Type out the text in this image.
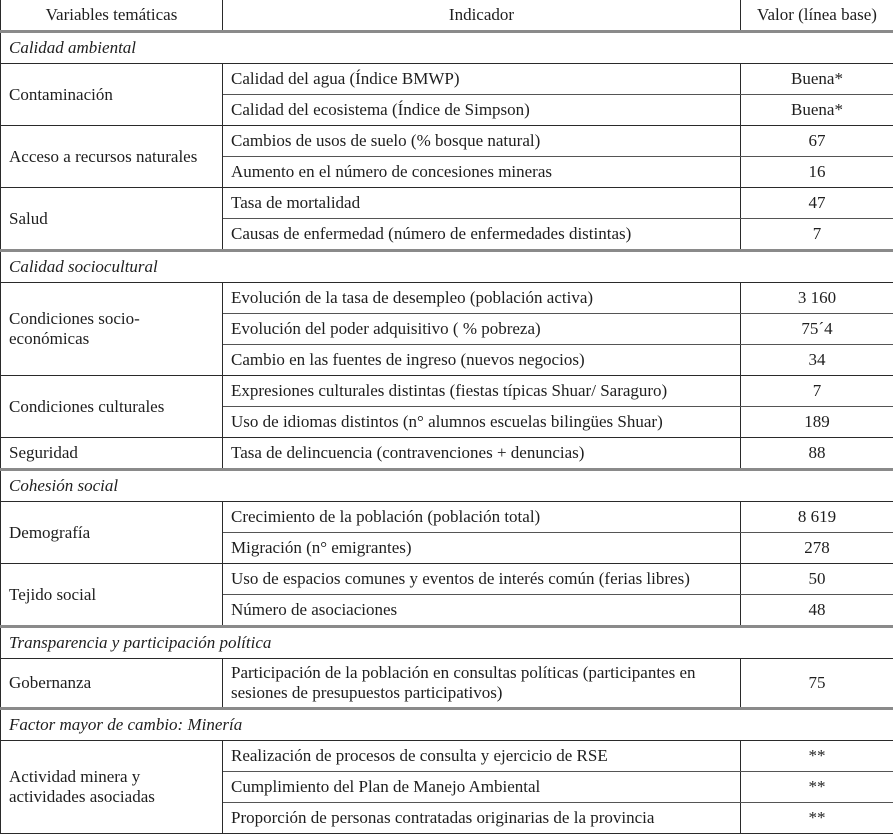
Variables temáticas	Indicador	Valor (línea base)
Calidad ambiental		
Contaminación	Calidad del agua (Índice BMWP)	Buena*
	Calidad del ecosistema (Índice de Simpson)	Buena*
Acceso a recursos naturales	Cambios de usos de suelo (% bosque natural)	67
	Aumento en el número de concesiones mineras	16
Salud	Tasa de mortalidad	47
	Causas de enfermedad (número de enfermedades distintas)	7
Calidad sociocultural		
Condiciones socio-económicas	Evolución de la tasa de desempleo (población activa)	3 160
	Evolución del poder adquisitivo ( % pobreza)	75´4
	Cambio en las fuentes de ingreso (nuevos negocios)	34
Condiciones culturales	Expresiones culturales distintas (fiestas típicas Shuar/ Saraguro)	7
	Uso de idiomas distintos (n° alumnos escuelas bilingües Shuar)	189
Seguridad	Tasa de delincuencia (contravenciones + denuncias)	88
Cohesión social		
Demografía	Crecimiento de la población (población total)	8 619
	Migración (n° emigrantes)	278
Tejido social	Uso de espacios comunes y eventos de interés común (ferias libres)	50
	Número de asociaciones	48
Transparencia y participación política		
Gobernanza	Participación de la población en consultas políticas (participantes en sesiones de presupuestos participativos)	75
Factor mayor de cambio: Minería		
Actividad minera y actividades asociadas	Realización de procesos de consulta y ejercicio de RSE	**
	Cumplimiento del Plan de Manejo Ambiental	**
	Proporción de personas contratadas originarias de la provincia	**
